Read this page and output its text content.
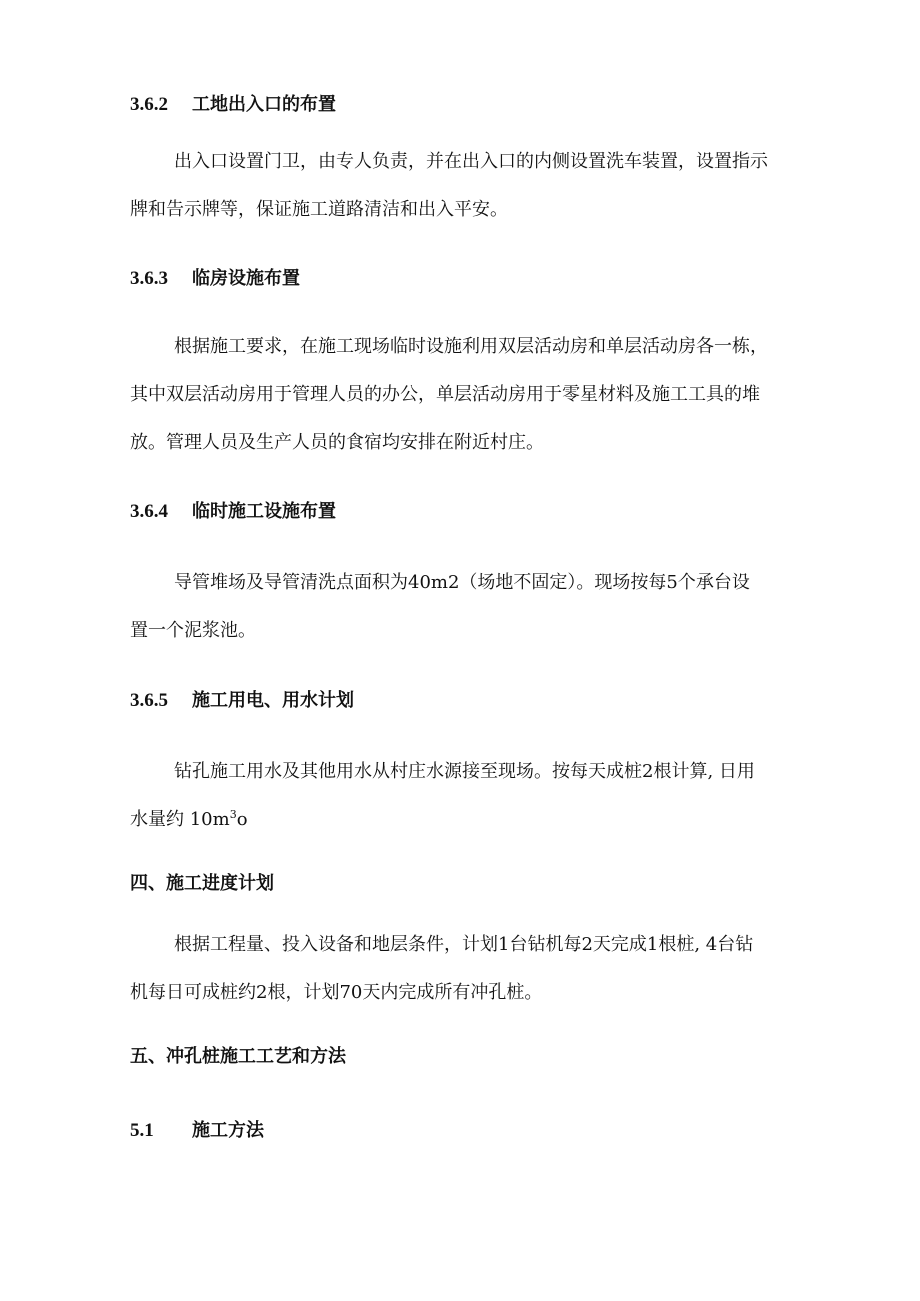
3.6.2 工地出入口的布置
出入口设置门卫，由专人负责，并在出入口的内侧设置洗车装置，设置指示
牌和告示牌等，保证施工道路清洁和出入平安。
3.6.3 临房设施布置
根据施工要求，在施工现场临时设施利用双层活动房和单层活动房各一栋，
其中双层活动房用于管理人员的办公，单层活动房用于零星材料及施工工具的堆
放。管理人员及生产人员的食宿均安排在附近村庄。
3.6.4 临时施工设施布置
导管堆场及导管清洗点面积为40m2（场地不固定）。现场按每5个承台设
置一个泥浆池。
3.6.5 施工用电、用水计划
钻孔施工用水及其他用水从村庄水源接至现场。按每天成桩2根计算, 日用
水量约 $10m^3o$
四、施工进度计划
根据工程量、投入设备和地层条件，计划1台钻机每2天完成1根桩, 4台钻
机每日可成桩约2根，计划70天内完成所有冲孔桩。
五、冲孔桩施工工艺和方法
5.1 施工方法
